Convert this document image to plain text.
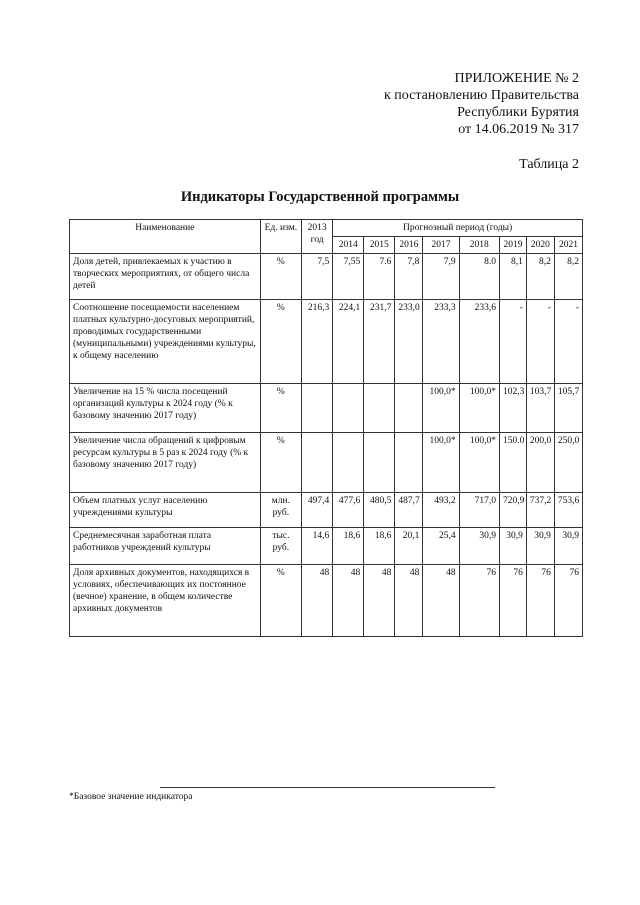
ПРИЛОЖЕНИЕ № 2
к постановлению Правительства
Республики Бурятия
от 14.06.2019 № 317
Таблица 2
Индикаторы Государственной программы
Наименование	Ед. изм.	2013 год	Прогнозный период (годы)							
			2014	2015	2016	2017	2018	2019	2020	2021
Доля детей, привлекаемых к участию в творческих мероприятиях, от общего числа детей	%	7,5	7,55	7.6	7,8	7,9	8.0	8,1	8,2	8,2
Соотношение посещаемости населением платных культурно-досуговых мероприятий, проводимых государственными (муниципальными) учреждениями культуры, к общему населению	%	216,3	224,1	231,7	233,0	233,3	233,6	-	-	-
Увеличение на 15 % числа посещений организаций культуры к 2024 году (% к базовому значению 2017 году)	%					100,0*	100,0*	102,3	103,7	105,7
Увеличение числа обращений к цифровым ресурсам культуры в 5 раз к 2024 году (% к базовому значению 2017 году)	%					100,0*	100,0*	150.0	200,0	250,0
Объем платных услуг населению учреждениями культуры	млн. руб.	497,4	477,6	480,5	487,7	493,2	717,0	720,9	737,2	753,6
Среднемесячная заработная плата работников учреждений культуры	тыс. руб.	14,6	18,6	18,6	20,1	25,4	30,9	30,9	30,9	30,9
Доля архивных документов, находящихся в условиях, обеспечивающих их постоянное (вечное) хранение, в общем количестве архивных документов	%	48	48	48	48	48	76	76	76	76
*Базовое значение индикатора
